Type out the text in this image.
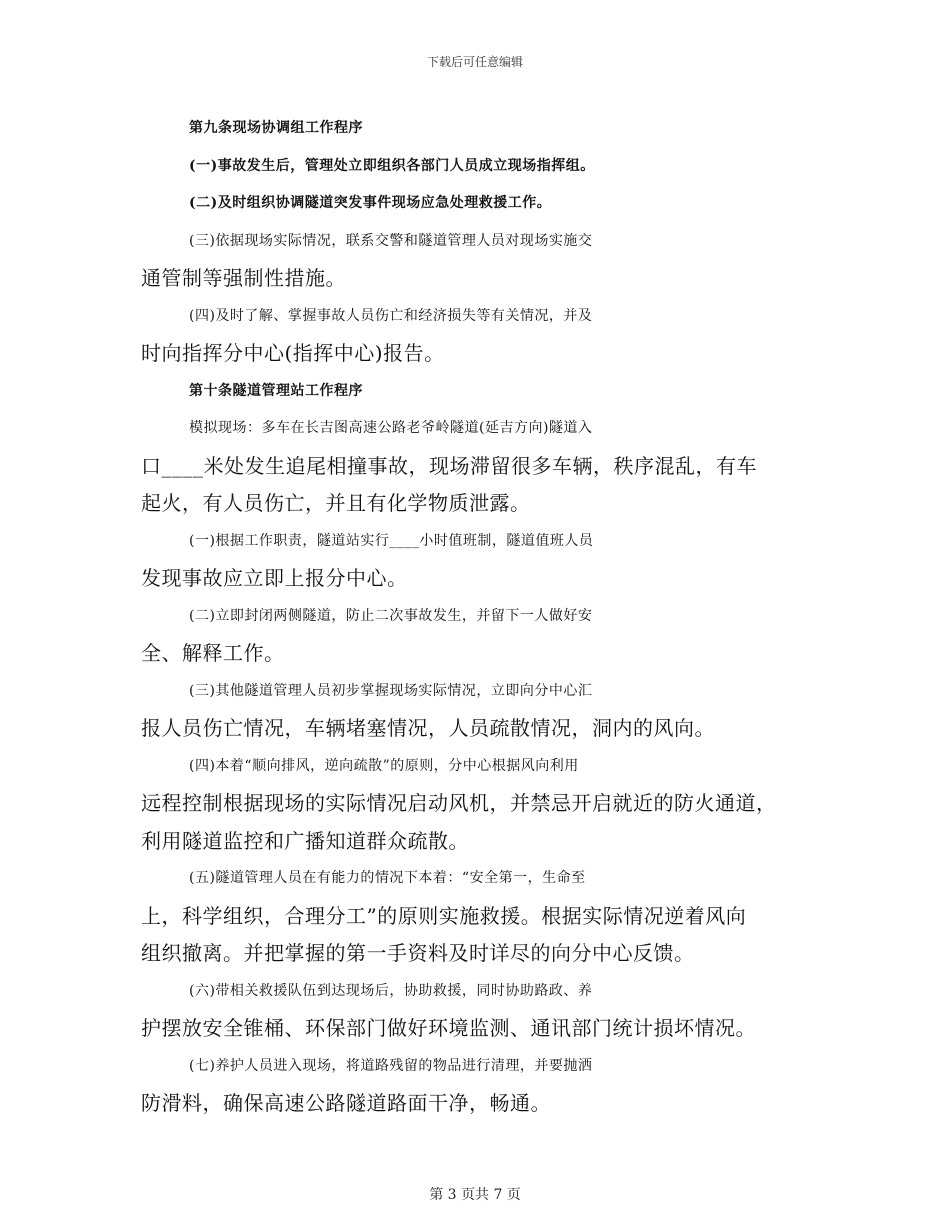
下载后可任意编辑
第九条现场协调组工作程序
(一)事故发生后，管理处立即组织各部门人员成立现场指挥组。
(二)及时组织协调隧道突发事件现场应急处理救援工作。
(三)依据现场实际情况，联系交警和隧道管理人员对现场实施交
通管制等强制性措施。
(四)及时了解、掌握事故人员伤亡和经济损失等有关情况，并及
时向指挥分中心(指挥中心)报告。
第十条隧道管理站工作程序
模拟现场：多车在长吉图高速公路老爷岭隧道(延吉方向)隧道入
口____米处发生追尾相撞事故，现场滞留很多车辆，秩序混乱，有车
起火，有人员伤亡，并且有化学物质泄露。
(一)根据工作职责，隧道站实行____小时值班制，隧道值班人员
发现事故应立即上报分中心。
(二)立即封闭两侧隧道，防止二次事故发生，并留下一人做好安
全、解释工作。
(三)其他隧道管理人员初步掌握现场实际情况，立即向分中心汇
报人员伤亡情况，车辆堵塞情况，人员疏散情况，洞内的风向。
(四)本着“顺向排风，逆向疏散”的原则，分中心根据风向利用
远程控制根据现场的实际情况启动风机，并禁忌开启就近的防火通道，
利用隧道监控和广播知道群众疏散。
(五)隧道管理人员在有能力的情况下本着：“安全第一，生命至
上，科学组织，合理分工”的原则实施救援。根据实际情况逆着风向
组织撤离。并把掌握的第一手资料及时详尽的向分中心反馈。
(六)带相关救援队伍到达现场后，协助救援，同时协助路政、养
护摆放安全锥桶、环保部门做好环境监测、通讯部门统计损坏情况。
(七)养护人员进入现场，将道路残留的物品进行清理，并要抛洒
防滑料，确保高速公路隧道路面干净，畅通。
第 3 页共 7 页
